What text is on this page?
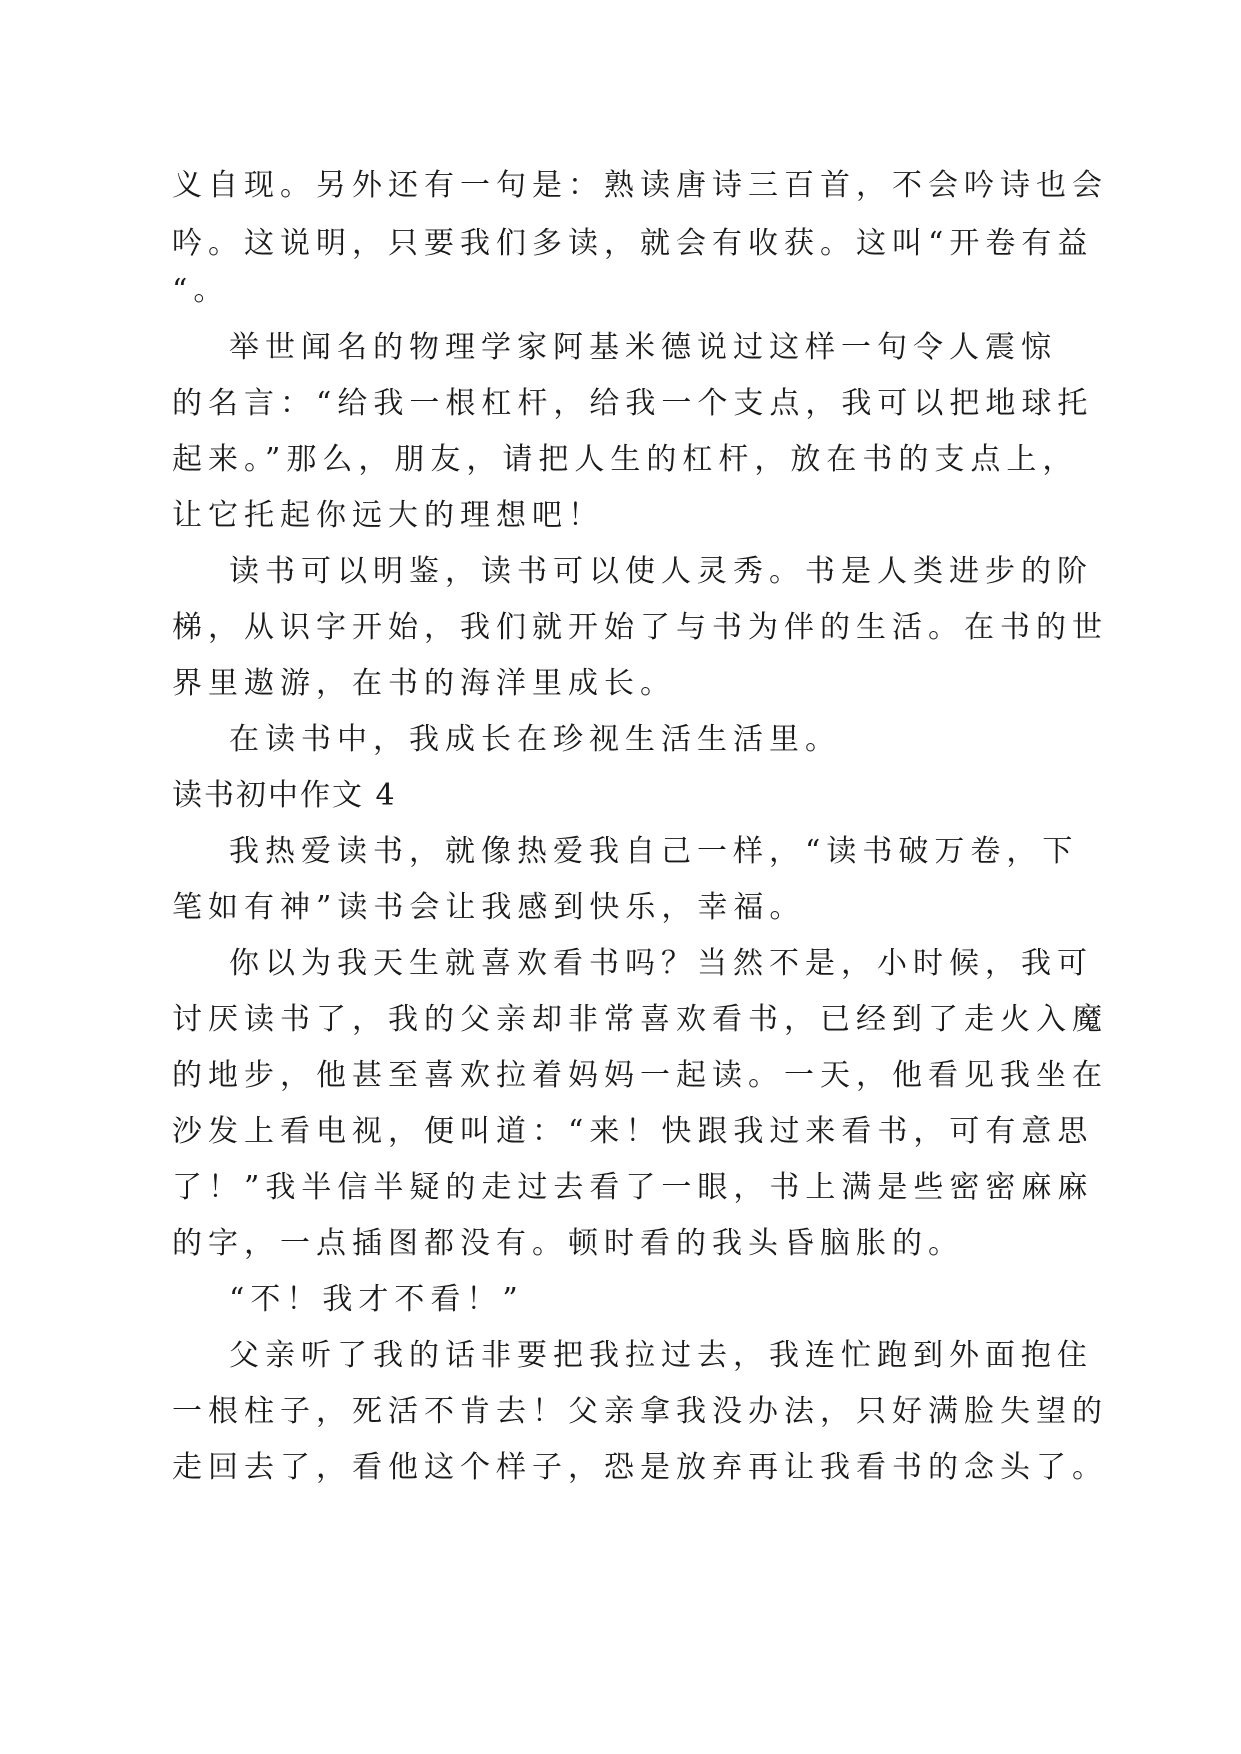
义自现。另外还有一句是：熟读唐诗三百首，不会吟诗也会
吟。这说明，只要我们多读，就会有收获。这叫“开卷有益
“。
举世闻名的物理学家阿基米德说过这样一句令人震惊
的名言：“给我一根杠杆，给我一个支点，我可以把地球托
起来。”那么，朋友，请把人生的杠杆，放在书的支点上，
让它托起你远大的理想吧！
读书可以明鉴，读书可以使人灵秀。书是人类进步的阶
梯，从识字开始，我们就开始了与书为伴的生活。在书的世
界里遨游，在书的海洋里成长。
在读书中，我成长在珍视生活生活里。
读书初中作文 4
我热爱读书，就像热爱我自己一样，“读书破万卷，下
笔如有神”读书会让我感到快乐，幸福。
你以为我天生就喜欢看书吗？当然不是，小时候，我可
讨厌读书了，我的父亲却非常喜欢看书，已经到了走火入魔
的地步，他甚至喜欢拉着妈妈一起读。一天，他看见我坐在
沙发上看电视，便叫道：“来！快跟我过来看书，可有意思
了！”我半信半疑的走过去看了一眼，书上满是些密密麻麻
的字，一点插图都没有。顿时看的我头昏脑胀的。
“不！我才不看！”
父亲听了我的话非要把我拉过去，我连忙跑到外面抱住
一根柱子，死活不肯去！父亲拿我没办法，只好满脸失望的
走回去了，看他这个样子，恐是放弃再让我看书的念头了。
